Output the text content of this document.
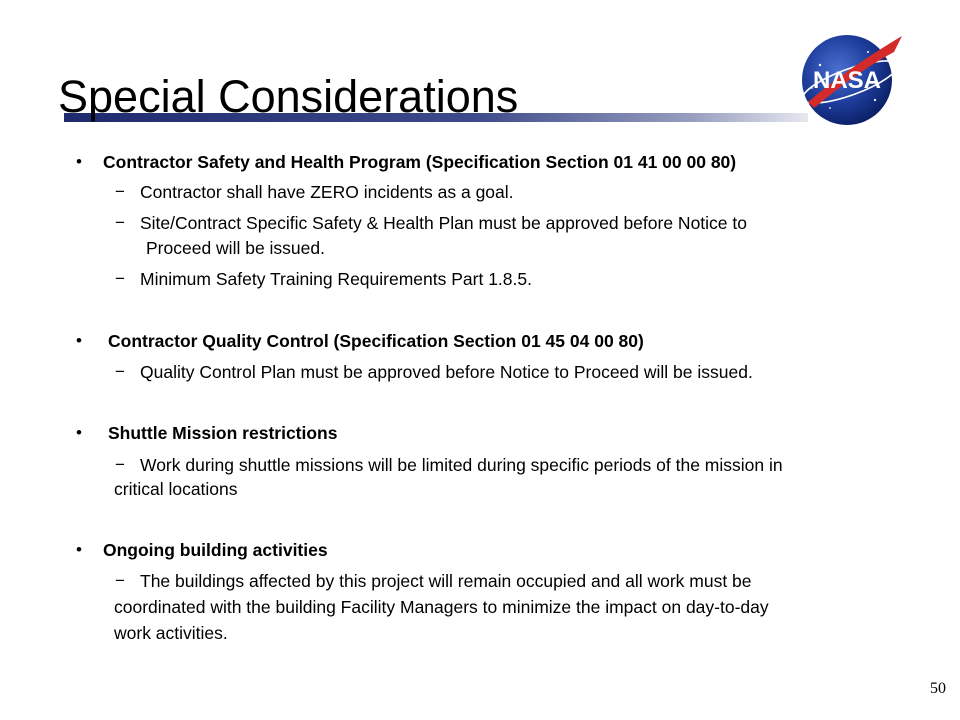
Special Considerations	NASA
• Contractor Safety and Health Program (Specification Section 01 41 00 00 80)
− Contractor shall have ZERO incidents as a goal.
− Site/Contract Specific Safety & Health Plan must be approved before Notice to
Proceed will be issued.
− Minimum Safety Training Requirements Part 1.8.5.
• Contractor Quality Control (Specification Section 01 45 04 00 80)
− Quality Control Plan must be approved before Notice to Proceed will be issued.
• Shuttle Mission restrictions
− Work during shuttle missions will be limited during specific periods of the mission in
critical locations
• Ongoing building activities
− The buildings affected by this project will remain occupied and all work must be
coordinated with the building Facility Managers to minimize the impact on day-to-day
work activities.
50
